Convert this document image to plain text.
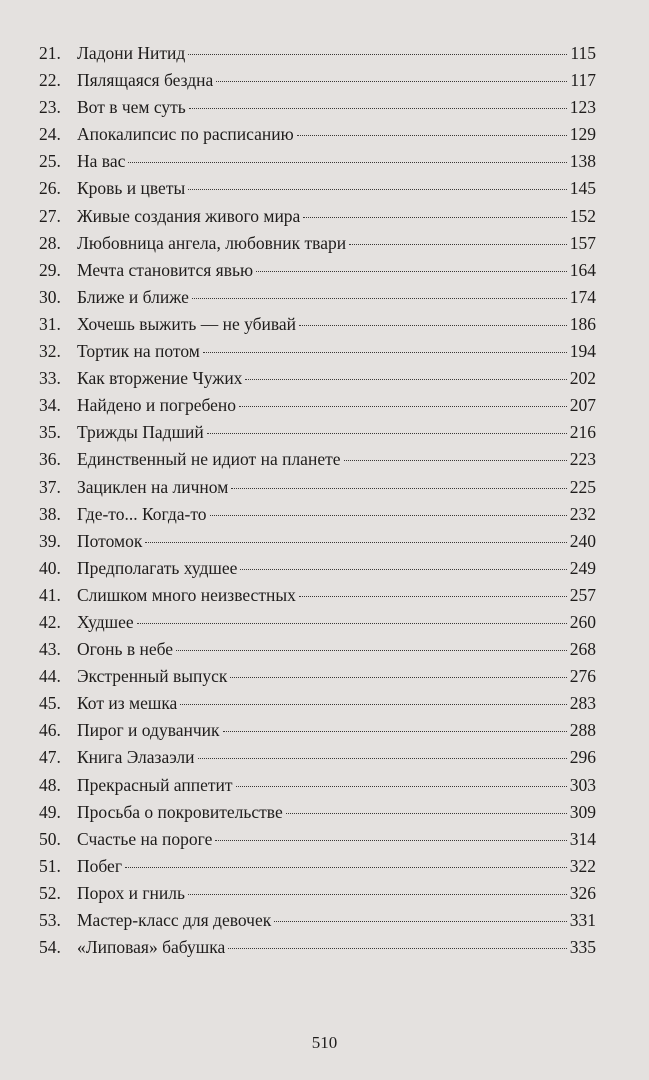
21. Ладони Нитид	115
22. Пялящаяся бездна	117
23. Вот в чем суть	123
24. Апокалипсис по расписанию	129
25. На вас	138
26. Кровь и цветы	145
27. Живые создания живого мира	152
28. Любовница ангела, любовник твари	157
29. Мечта становится явью	164
30. Ближе и ближе	174
31. Хочешь выжить — не убивай	186
32. Тортик на потом	194
33. Как вторжение Чужих	202
34. Найдено и погребено	207
35. Трижды Падший	216
36. Единственный не идиот на планете	223
37. Зациклен на личном	225
38. Где-то... Когда-то	232
39. Потомок	240
40. Предполагать худшее	249
41. Слишком много неизвестных	257
42. Худшее	260
43. Огонь в небе	268
44. Экстренный выпуск	276
45. Кот из мешка	283
46. Пирог и одуванчик	288
47. Книга Элазаэли	296
48. Прекрасный аппетит	303
49. Просьба о покровительстве	309
50. Счастье на пороге	314
51. Побег	322
52. Порох и гниль	326
53. Мастер-класс для девочек	331
54. «Липовая» бабушка	335
510
